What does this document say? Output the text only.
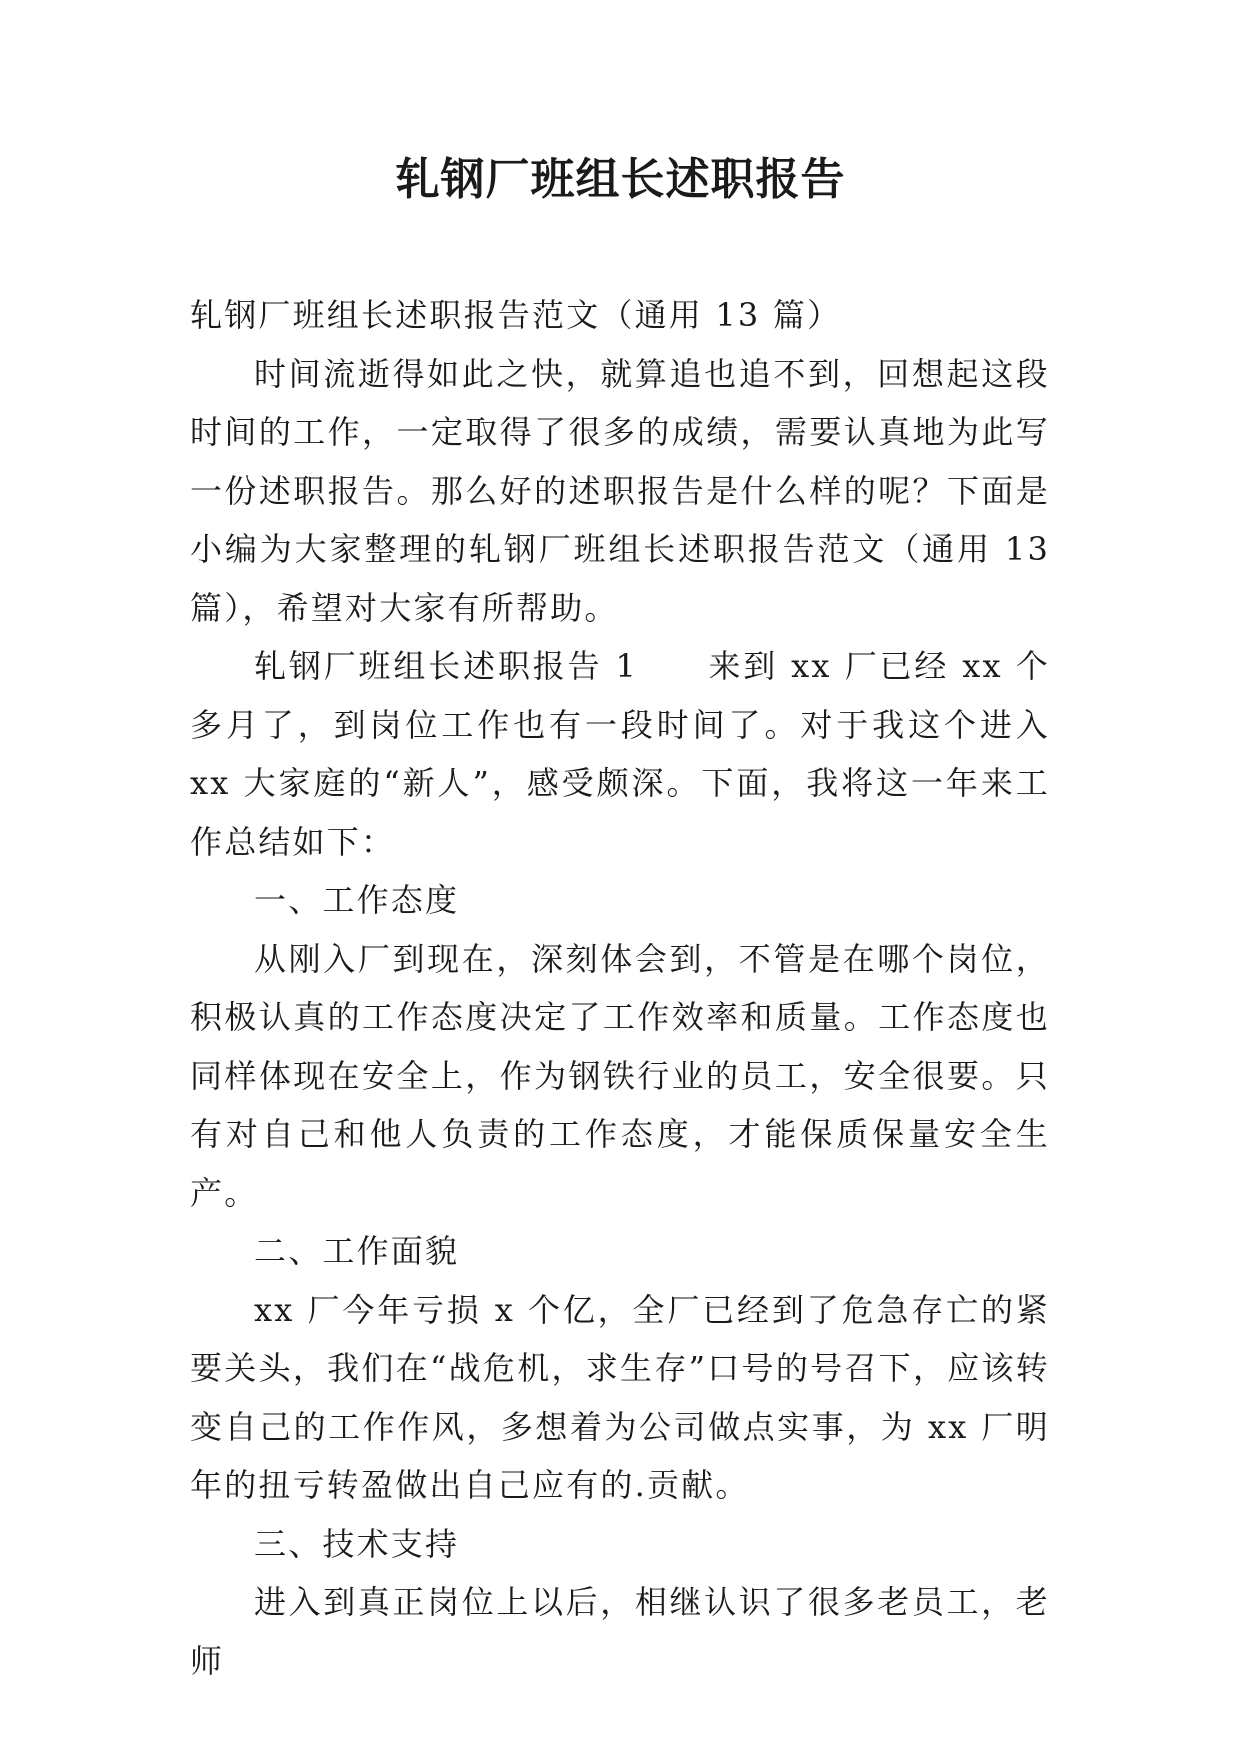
轧钢厂班组长述职报告

轧钢厂班组长述职报告范文（通用 13 篇）

时间流逝得如此之快，就算追也追不到，回想起这段时间的工作，一定取得了很多的成绩，需要认真地为此写一份述职报告。那么好的述职报告是什么样的呢？下面是小编为大家整理的轧钢厂班组长述职报告范文（通用 13 篇），希望对大家有所帮助。

轧钢厂班组长述职报告 1　　来到 xx 厂已经 xx 个多月了，到岗位工作也有一段时间了。对于我这个进入 xx 大家庭的“新人”，感受颇深。下面，我将这一年来工作总结如下：

一、工作态度

从刚入厂到现在，深刻体会到，不管是在哪个岗位，积极认真的工作态度决定了工作效率和质量。工作态度也同样体现在安全上，作为钢铁行业的员工，安全很要。只有对自己和他人负责的工作态度，才能保质保量安全生产。

二、工作面貌

xx 厂今年亏损 x 个亿，全厂已经到了危急存亡的紧要关头，我们在“战危机，求生存”口号的号召下，应该转变自己的工作作风，多想着为公司做点实事，为 xx 厂明年的扭亏转盈做出自己应有的.贡献。

三、技术支持

进入到真正岗位上以后，相继认识了很多老员工，老师
